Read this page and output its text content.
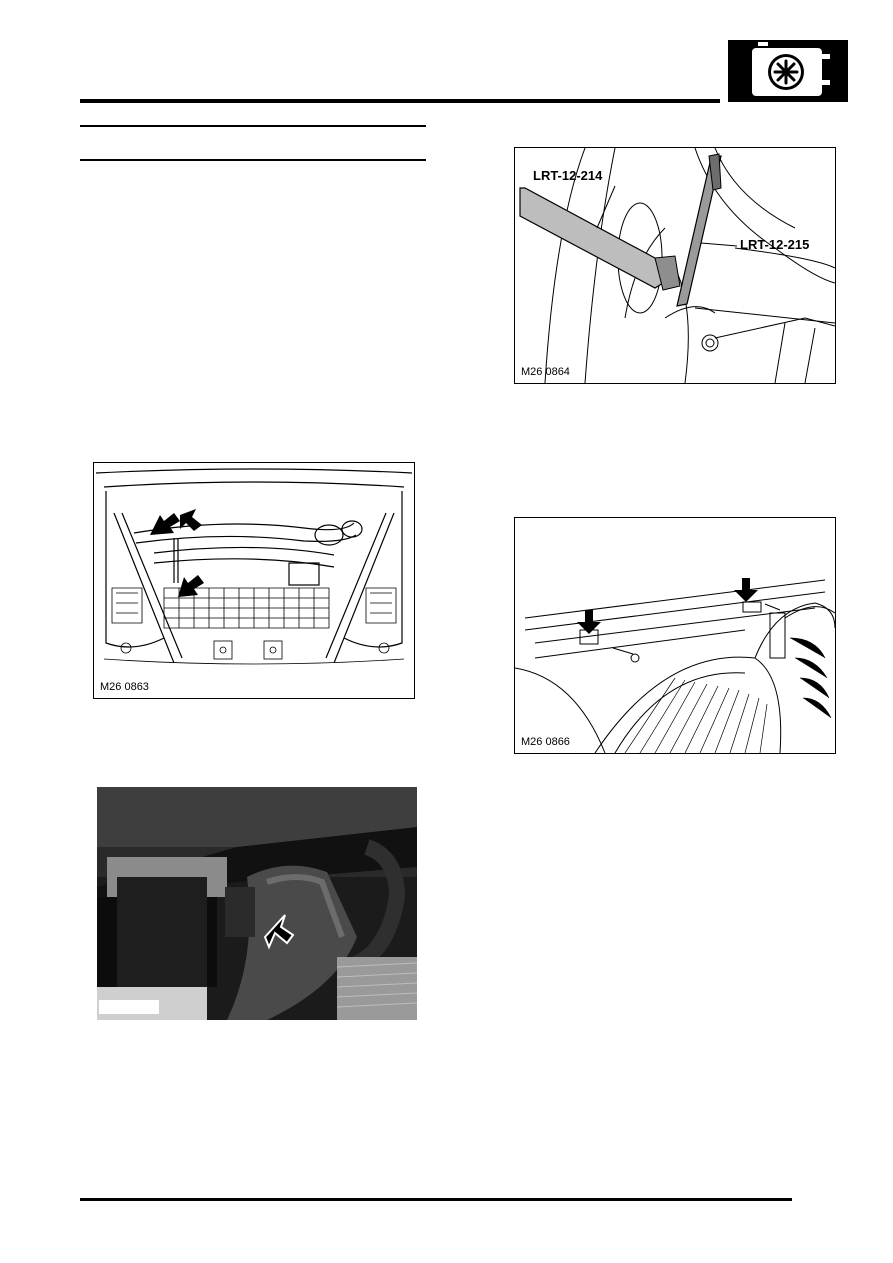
M26 0863
LRT-12-214
LRT-12-215
M26 0864
M26 0866
